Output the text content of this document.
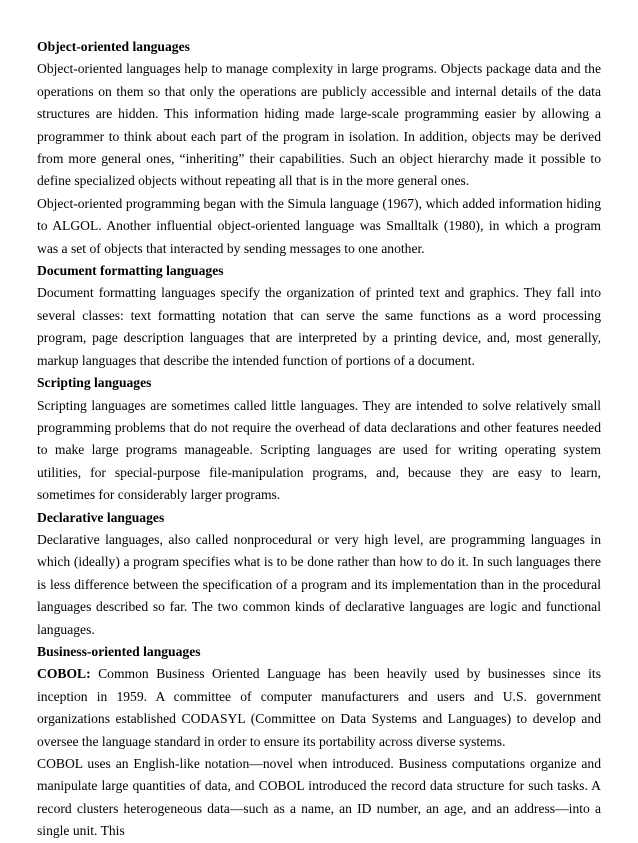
Object-oriented languages

Object-oriented languages help to manage complexity in large programs. Objects package data and the operations on them so that only the operations are publicly accessible and internal details of the data structures are hidden. This information hiding made large-scale programming easier by allowing a programmer to think about each part of the program in isolation. In addition, objects may be derived from more general ones, “inheriting” their capabilities. Such an object hierarchy made it possible to define specialized objects without repeating all that is in the more general ones.

Object-oriented programming began with the Simula language (1967), which added information hiding to ALGOL. Another influential object-oriented language was Smalltalk (1980), in which a program was a set of objects that interacted by sending messages to one another.

Document formatting languages

Document formatting languages specify the organization of printed text and graphics. They fall into several classes: text formatting notation that can serve the same functions as a word processing program, page description languages that are interpreted by a printing device, and, most generally, markup languages that describe the intended function of portions of a document.

Scripting languages

Scripting languages are sometimes called little languages. They are intended to solve relatively small programming problems that do not require the overhead of data declarations and other features needed to make large programs manageable. Scripting languages are used for writing operating system utilities, for special-purpose file-manipulation programs, and, because they are easy to learn, sometimes for considerably larger programs.

Declarative languages

Declarative languages, also called nonprocedural or very high level, are programming languages in which (ideally) a program specifies what is to be done rather than how to do it. In such languages there is less difference between the specification of a program and its implementation than in the procedural languages described so far. The two common kinds of declarative languages are logic and functional languages.

Business-oriented languages

COBOL: Common Business Oriented Language has been heavily used by businesses since its inception in 1959. A committee of computer manufacturers and users and U.S. government organizations established CODASYL (Committee on Data Systems and Languages) to develop and oversee the language standard in order to ensure its portability across diverse systems.

COBOL uses an English-like notation—novel when introduced. Business computations organize and manipulate large quantities of data, and COBOL introduced the record data structure for such tasks. A record clusters heterogeneous data—such as a name, an ID number, an age, and an address—into a single unit. This
